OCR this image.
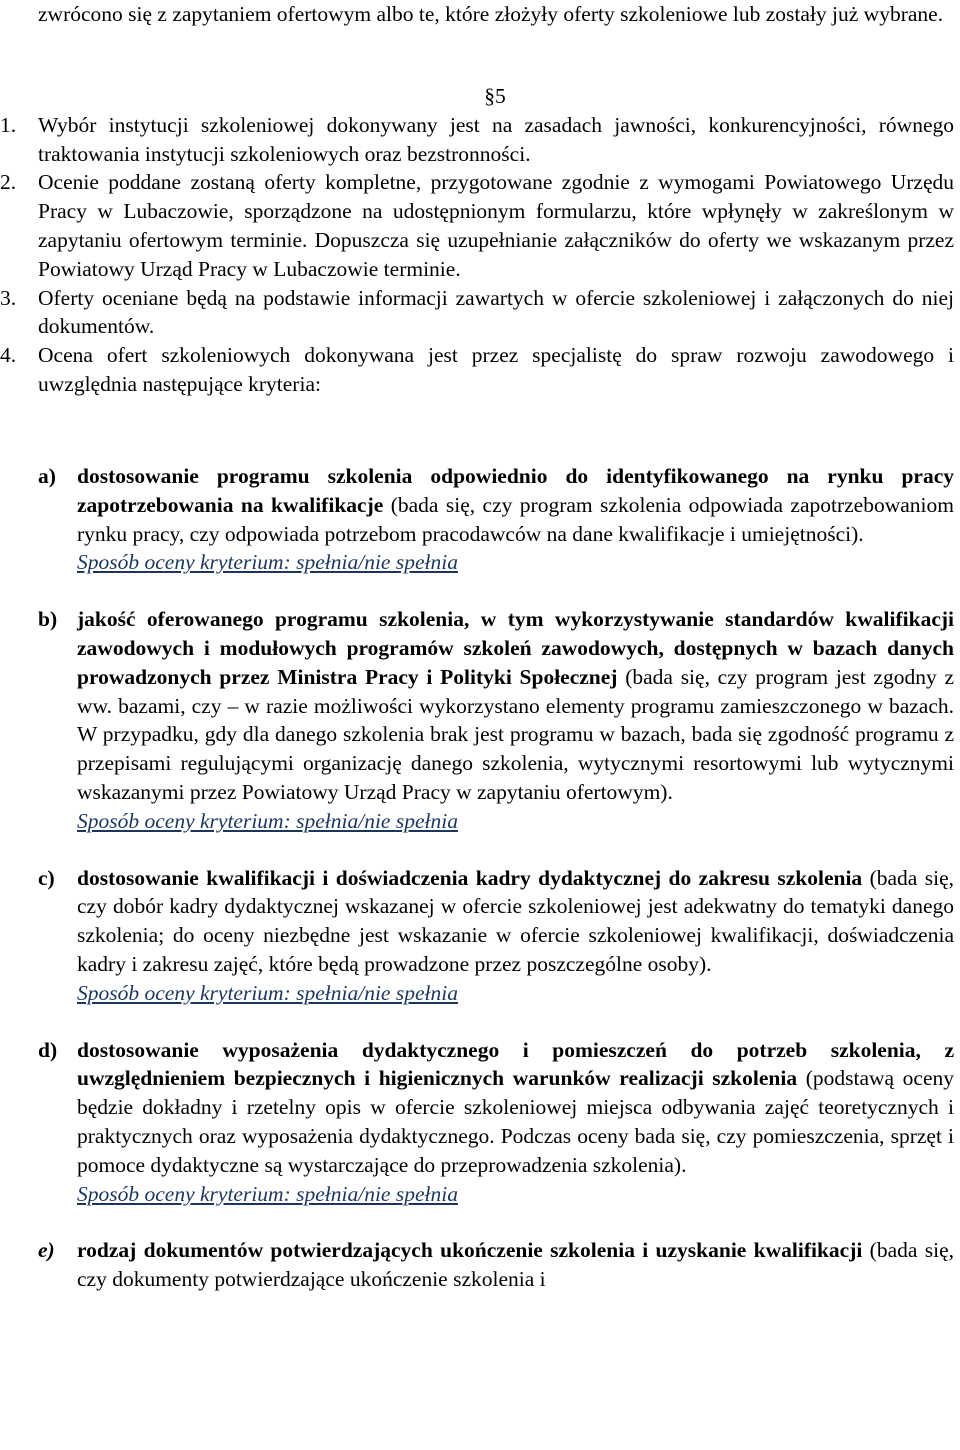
zwrócono się z zapytaniem ofertowym albo te, które złożyły oferty szkoleniowe lub zostały już wybrane.

§5

1. Wybór instytucji szkoleniowej dokonywany jest na zasadach jawności, konkurencyjności, równego traktowania instytucji szkoleniowych oraz bezstronności.

2. Ocenie poddane zostaną oferty kompletne, przygotowane zgodnie z wymogami Powiatowego Urzędu Pracy w Lubaczowie, sporządzone na udostępnionym formularzu, które wpłynęły w zakreślonym w zapytaniu ofertowym terminie. Dopuszcza się uzupełnianie załączników do oferty we wskazanym przez Powiatowy Urząd Pracy w Lubaczowie terminie.

3. Oferty oceniane będą na podstawie informacji zawartych w ofercie szkoleniowej i załączonych do niej dokumentów.

4. Ocena ofert szkoleniowych dokonywana jest przez specjalistę do spraw rozwoju zawodowego i uwzględnia następujące kryteria:

a) dostosowanie programu szkolenia odpowiednio do identyfikowanego na rynku pracy zapotrzebowania na kwalifikacje (bada się, czy program szkolenia odpowiada zapotrzebowaniom rynku pracy, czy odpowiada potrzebom pracodawców na dane kwalifikacje i umiejętności).
Sposób oceny kryterium: spełnia/nie spełnia
b) jakość oferowanego programu szkolenia, w tym wykorzystywanie standardów kwalifikacji zawodowych i modułowych programów szkoleń zawodowych, dostępnych w bazach danych prowadzonych przez Ministra Pracy i Polityki Społecznej (bada się, czy program jest zgodny z ww. bazami, czy – w razie możliwości wykorzystano elementy programu zamieszczonego w bazach. W przypadku, gdy dla danego szkolenia brak jest programu w bazach, bada się zgodność programu z przepisami regulującymi organizację danego szkolenia, wytycznymi resortowymi lub wytycznymi wskazanymi przez Powiatowy Urząd Pracy w zapytaniu ofertowym).
Sposób oceny kryterium: spełnia/nie spełnia
c) dostosowanie kwalifikacji i doświadczenia kadry dydaktycznej do zakresu szkolenia (bada się, czy dobór kadry dydaktycznej wskazanej w ofercie szkoleniowej jest adekwatny do tematyki danego szkolenia; do oceny niezbędne jest wskazanie w ofercie szkoleniowej kwalifikacji, doświadczenia kadry i zakresu zajęć, które będą prowadzone przez poszczególne osoby).
Sposób oceny kryterium: spełnia/nie spełnia
d) dostosowanie wyposażenia dydaktycznego i pomieszczeń do potrzeb szkolenia, z uwzględnieniem bezpiecznych i higienicznych warunków realizacji szkolenia (podstawą oceny będzie dokładny i rzetelny opis w ofercie szkoleniowej miejsca odbywania zajęć teoretycznych i praktycznych oraz wyposażenia dydaktycznego. Podczas oceny bada się, czy pomieszczenia, sprzęt i pomoce dydaktyczne są wystarczające do przeprowadzenia szkolenia).
Sposób oceny kryterium: spełnia/nie spełnia
e) rodzaj dokumentów potwierdzających ukończenie szkolenia i uzyskanie kwalifikacji (bada się, czy dokumenty potwierdzające ukończenie szkolenia i
